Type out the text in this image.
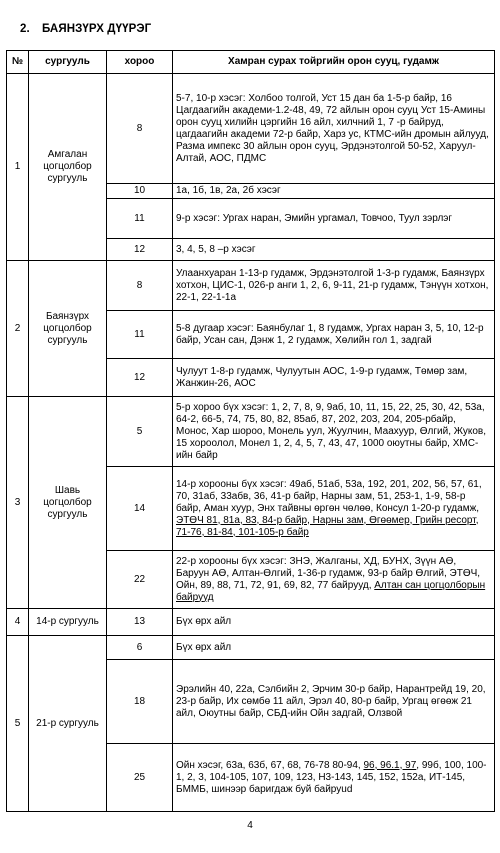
2. БАЯНЗҮРХ ДҮҮРЭГ
№	сургууль	хороо	Хамран сурах тойргийн орон сууц, гудамж
1	Амгалан цогцолбор сургууль	8	5-7, 10-р хэсэг: Холбоо толгой, Уст 15 дан ба 1-5-р байр, 16 Цагдаагийн академи-1.2-48, 49, 72 айлын орон сууц Уст 15-Амины орон сууц хилийн цэргийн 16 айл, хилчний 1, 7 -р байруд, цагдаагийн академи 72-р байр, Харз ус, КТМС-ийн дромын айлууд, Разма импекс 30 айлын орон сууц, Эрдэнэтолгой 50-52, Харуул-Алтай, АОС, ПДМС
		10	1а, 1б, 1в, 2а, 2б хэсэг
		11	9-р хэсэг: Ургах наран, Эмийн ургамал, Товчоо, Туул зэрлэг
		12	3, 4, 5, 8 –р хэсэг
2	Баянзүрх цогцолбор сургууль	8	Улаанхуаран 1-13-р гудамж, Эрдэнэтолгой 1-3-р гудамж, Баянзүрх хотхон, ЦИС-1, 026-р анги 1, 2, 6, 9-11, 21-р гудамж, Тэнүүн хотхон, 22-1, 22-1-1а
		11	5-8 дугаар хэсэг: Баянбулаг 1, 8 гудамж, Ургах наран 3, 5, 10, 12-р байр, Усан сан, Дэнж 1, 2 гудамж, Хөлийн гол 1, задгай
		12	Чулуут 1-8-р гудамж, Чулуутын АОС, 1-9-р гудамж, Төмөр зам, Жанжин-26, АОС
3	Шавь цогцолбор сургууль	5	5-р хороо бүх хэсэг: 1, 2, 7, 8, 9, 9аб, 10, 11, 15, 22, 25, 30, 42, 53а, 64-2, 66-5, 74, 75, 80, 82, 85аб, 87, 202, 203, 204, 205-рбайр, Монос, Хар шороо, Монель уул, Жуулчин, Маахуур, Өлгий, Жуков, 15 хороолол, Монел 1, 2, 4, 5, 7, 43, 47, 1000 оюутны байр, ХМС-ийн байр
		14	14-р хорооны бүх хэсэг: 49аб, 51аб, 53а, 192, 201, 202, 56, 57, 61, 70, 31аб, 33абв, 36, 41-р байр, Нарны зам, 51, 253-1, 1-9, 58-р байр, Аман хуур, Энх тайвны өргөн чөлөө, Консул 1-20-р гудамж, ЭТӨЧ 81, 81а, 83, 84-р байр, Нарны зам, Өгөөмер, Грийн ресорт, 71-76, 81-84, 101-105-р байр
		22	22-р хорооны бүх хэсэг: ЗНЭ, Жалганы, ХД, БУНХ, Зүүн АӨ, Баруун АӨ, Алтан-Өлгий, 1-36-р гудамж, 93-р байр Өлгий, ЭТӨЧ, Ойн, 89, 88, 71, 72, 91, 69, 82, 77 байрууд, Алтан сан цогцолборын байрууд
4	14-р сургууль	13	Бүх өрх айл
5	21-р сургууль	6	Бүх өрх айл
		18	Эрэлийн 40, 22а, Сэлбийн 2, Эрчим 30-р байр, Нарантрейд 19, 20, 23-р байр, Их сөмбө 11 айл, Эрэл 40, 80-р байр, Ургац өгөөж 21 айл, Оюутны байр, СБД-ийн Ойн задгай, Олзвой
		25	Ойн хэсэг, 63а, 63б, 67, 68, 76-78 80-94, 96, 96.1, 97, 99б, 100, 100-1, 2, 3, 104-105, 107, 109, 123, Н3-143, 145, 152, 152а, ИТ-145, БММБ, шинээр баригдаж буй байруud
4
